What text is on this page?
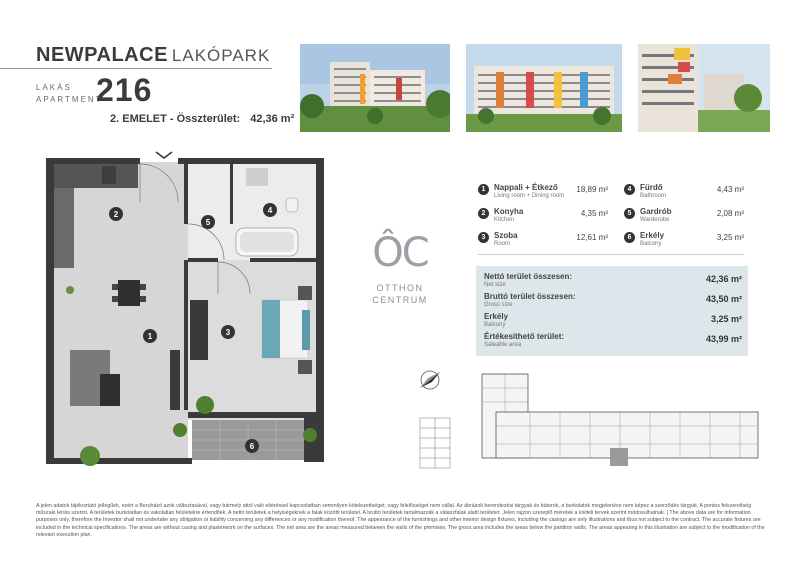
NEWPALACE LAKÓPARK
LAKÁS
APARTMENT
216
2. EMELET - Összterület: 42,36 m²
2
1
5
4
3
6
ÔC
OTTHON
CENTRUM
1	Nappali + Étkező
Living room + Dining room
18,89 m²
2	Konyha
Kitchen
4,35 m²
3	Szoba
Room
12,61 m²
4	Fürdő
Bathroom
4,43 m²
5	Gardrób
Warderobe
2,08 m²
6	Erkély
Balcony
3,25 m²
Nettó terület összesen:
Net size
42,36 m²
Bruttó terület összesen:
Gross size
43,50 m²
Erkély
Balcony
3,25 m²
Értékesíthető terület:
Saleable area
43,99 m²
A jelen adatok tájékoztató jellegűek, ezért a Beruházó azok változtasával, vagy bármely attól való eltéréssel kapcsolatban semmilyen kötelezettséget, vagy felelősséget nem vállal. Az ábrázolt berendezési tárgyak és bútorok, a burkolatok megjelenése nem képez a szerződés tárgyát. A pontos felszereltség műszaki leírás szerint. A területek burkolatlan és vakolatlan felületekre értendőek. A nettó területek a helyiségeknek a falak közötti területei. A bruttó területek tartalmazzák a válaszfalak alatti területet. Jelen rajzon szereplő méretek a kiviteli tervek szerint módosulhatnak. | The above data are for information purposes only, therefore the Investor shall not undertake any obligation or liability concerning any differences or any modification thereof. The appearance of the furnishings and other interior design fixtures, including the casings are only illustrations and thus not subject to the contract. The accurate fixtures are included in the technical specifications. The areas are without casing and plasterwork on the surfaces. The net area are the areas measured between the walls of the premises. The gross area includes the areas below the partition walls. The areas appearing in this illustration are subject to the modification of the relevant execution plan.
